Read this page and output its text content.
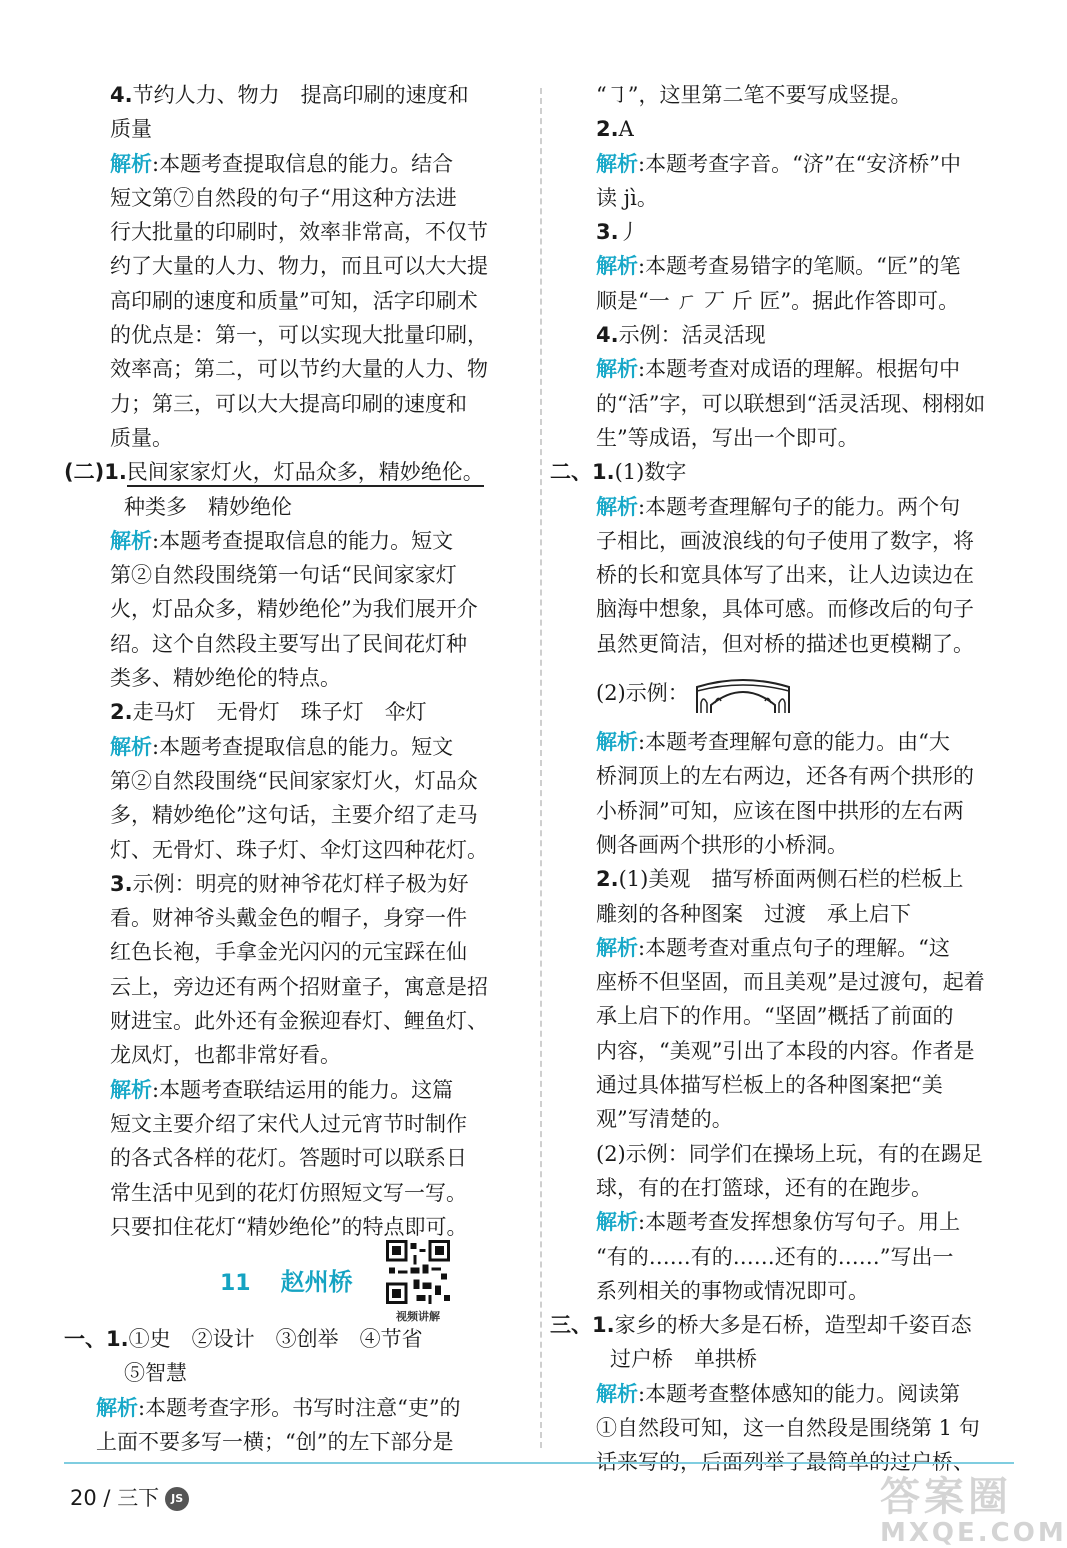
4.节约人力、物力　提高印刷的速度和
质量
解析:本题考查提取信息的能力。结合
短文第⑦自然段的句子“用这种方法进
行大批量的印刷时，效率非常高，不仅节
约了大量的人力、物力，而且可以大大提
高印刷的速度和质量”可知，活字印刷术
的优点是：第一，可以实现大批量印刷，
效率高；第二，可以节约大量的人力、物
力；第三，可以大大提高印刷的速度和
质量。
(二)1.民间家家灯火，灯品众多，精妙绝伦。
种类多　精妙绝伦
解析:本题考查提取信息的能力。短文
第②自然段围绕第一句话“民间家家灯
火，灯品众多，精妙绝伦”为我们展开介
绍。这个自然段主要写出了民间花灯种
类多、精妙绝伦的特点。
2.走马灯　无骨灯　珠子灯　伞灯
解析:本题考查提取信息的能力。短文
第②自然段围绕“民间家家灯火，灯品众
多，精妙绝伦”这句话，主要介绍了走马
灯、无骨灯、珠子灯、伞灯这四种花灯。
3.示例：明亮的财神爷花灯样子极为好
看。财神爷头戴金色的帽子，身穿一件
红色长袍，手拿金光闪闪的元宝踩在仙
云上，旁边还有两个招财童子，寓意是招
财进宝。此外还有金猴迎春灯、鲤鱼灯、
龙凤灯，也都非常好看。
解析:本题考查联结运用的能力。这篇
短文主要介绍了宋代人过元宵节时制作
的各式各样的花灯。答题时可以联系日
常生活中见到的花灯仿照短文写一写。
只要扣住花灯“精妙绝伦”的特点即可。
11 赵州桥
视频讲解
一、1.①史　②设计　③创举　④节省
⑤智慧
解析:本题考查字形。书写时注意“吏”的
上面不要多写一横；“创”的左下部分是
“㇆”，这里第二笔不要写成竖提。
2.A
解析:本题考查字音。“济”在“安济桥”中
读 jì。
3.丿
解析:本题考查易错字的笔顺。“匠”的笔
顺是“一 ㄏ 丆 斤 匠”。据此作答即可。
4.示例：活灵活现
解析:本题考查对成语的理解。根据句中
的“活”字，可以联想到“活灵活现、栩栩如
生”等成语，写出一个即可。
二、1.(1)数字
解析:本题考查理解句子的能力。两个句
子相比，画波浪线的句子使用了数字，将
桥的长和宽具体写了出来，让人边读边在
脑海中想象，具体可感。而修改后的句子
虽然更简洁，但对桥的描述也更模糊了。
(2)示例：
解析:本题考查理解句意的能力。由“大
桥洞顶上的左右两边，还各有两个拱形的
小桥洞”可知，应该在图中拱形的左右两
侧各画两个拱形的小桥洞。
2.(1)美观　描写桥面两侧石栏的栏板上
雕刻的各种图案　过渡　承上启下
解析:本题考查对重点句子的理解。“这
座桥不但坚固，而且美观”是过渡句，起着
承上启下的作用。“坚固”概括了前面的
内容，“美观”引出了本段的内容。作者是
通过具体描写栏板上的各种图案把“美
观”写清楚的。
(2)示例：同学们在操场上玩，有的在踢足
球，有的在打篮球，还有的在跑步。
解析:本题考查发挥想象仿写句子。用上
“有的……有的……还有的……”写出一
系列相关的事物或情况即可。
三、1.家乡的桥大多是石桥，造型却千姿百态
过户桥　单拱桥
解析:本题考查整体感知的能力。阅读第
①自然段可知，这一自然段是围绕第 1 句
话来写的，后面列举了最简单的过户桥、
20 / 三下 JS	答案圈
MXQE.COM
